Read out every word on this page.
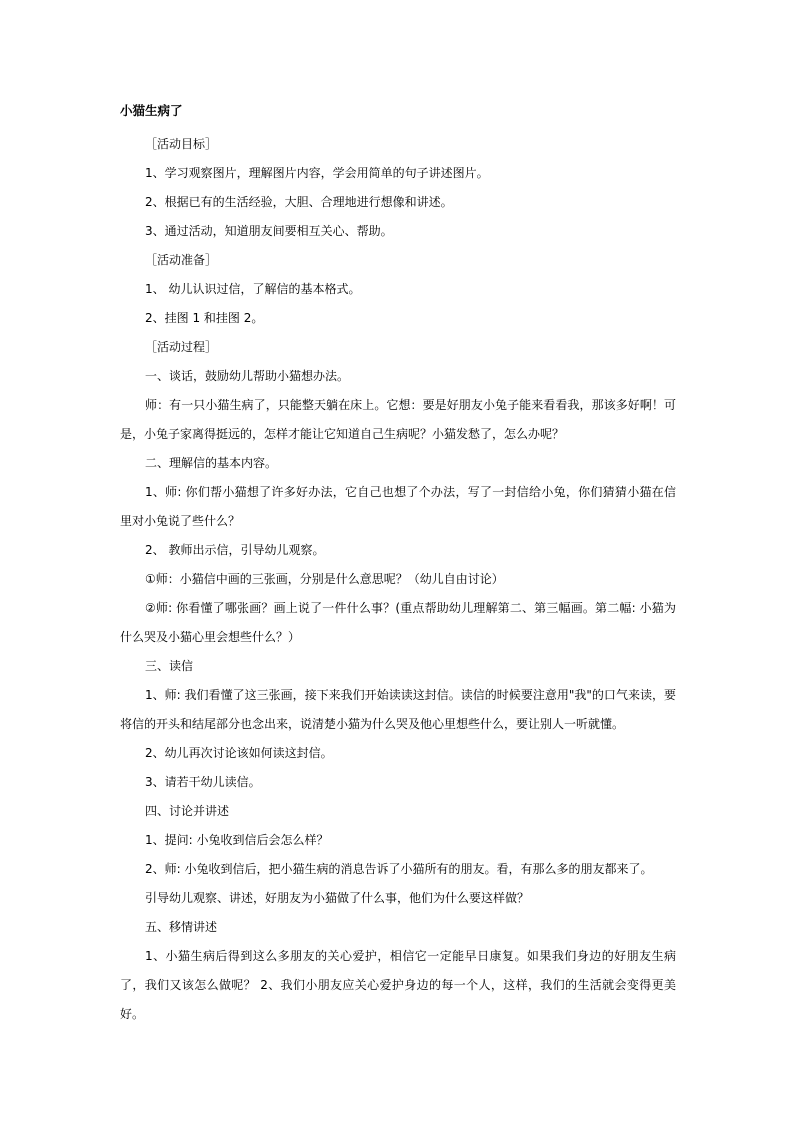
小猫生病了

［活动目标］

1、学习观察图片，理解图片内容，学会用简单的句子讲述图片。

2、根据已有的生活经验，大胆、合理地进行想像和讲述。

3、通过活动，知道朋友间要相互关心、帮助。

［活动准备］

1、 幼儿认识过信，了解信的基本格式。

2、挂图 1 和挂图 2。

［活动过程］

一、谈话，鼓励幼儿帮助小猫想办法。

师：有一只小猫生病了，只能整天躺在床上。它想：要是好朋友小兔子能来看看我，那该多好啊！可是，小兔子家离得挺远的，怎样才能让它知道自己生病呢？小猫发愁了，怎么办呢？

二、理解信的基本内容。

1、师: 你们帮小猫想了许多好办法，它自己也想了个办法，写了一封信给小兔，你们猜猜小猫在信里对小兔说了些什么？

2、 教师出示信，引导幼儿观察。

①师：小猫信中画的三张画，分别是什么意思呢？（幼儿自由讨论）

②师: 你看懂了哪张画？画上说了一件什么事？(重点帮助幼儿理解第二、第三幅画。第二幅: 小猫为什么哭及小猫心里会想些什么？）

三、读信

1、师: 我们看懂了这三张画，接下来我们开始读读这封信。读信的时候要注意用"我"的口气来读，要将信的开头和结尾部分也念出来，说清楚小猫为什么哭及他心里想些什么，要让别人一听就懂。

2、幼儿再次讨论该如何读这封信。

3、请若干幼儿读信。

四、讨论并讲述

1、提问: 小兔收到信后会怎么样？

2、师: 小兔收到信后，把小猫生病的消息告诉了小猫所有的朋友。看，有那么多的朋友都来了。

引导幼儿观察、讲述，好朋友为小猫做了什么事，他们为什么要这样做？

五、移情讲述

1、小猫生病后得到这么多朋友的关心爱护，相信它一定能早日康复。如果我们身边的好朋友生病了，我们又该怎么做呢？ 2、我们小朋友应关心爱护身边的每一个人，这样，我们的生活就会变得更美好。
